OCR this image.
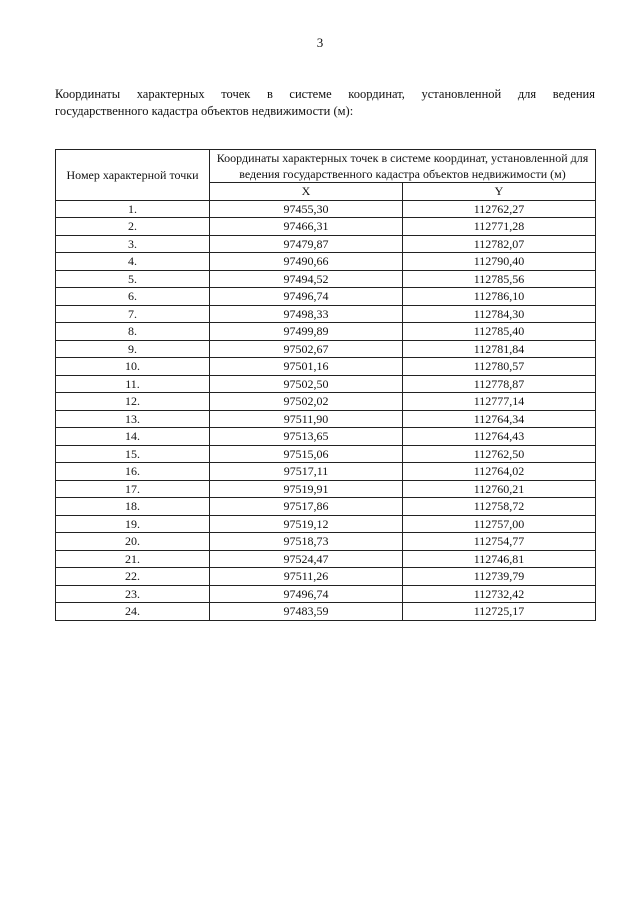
3
Координаты характерных точек в системе координат, установленной для ведения
государственного кадастра объектов недвижимости (м):
Номер характерной точки	Координаты характерных точек в системе координат, установленной для ведения государственного кадастра объектов недвижимости (м)	
	X	Y
1.	97455,30	112762,27
2.	97466,31	112771,28
3.	97479,87	112782,07
4.	97490,66	112790,40
5.	97494,52	112785,56
6.	97496,74	112786,10
7.	97498,33	112784,30
8.	97499,89	112785,40
9.	97502,67	112781,84
10.	97501,16	112780,57
11.	97502,50	112778,87
12.	97502,02	112777,14
13.	97511,90	112764,34
14.	97513,65	112764,43
15.	97515,06	112762,50
16.	97517,11	112764,02
17.	97519,91	112760,21
18.	97517,86	112758,72
19.	97519,12	112757,00
20.	97518,73	112754,77
21.	97524,47	112746,81
22.	97511,26	112739,79
23.	97496,74	112732,42
24.	97483,59	112725,17
